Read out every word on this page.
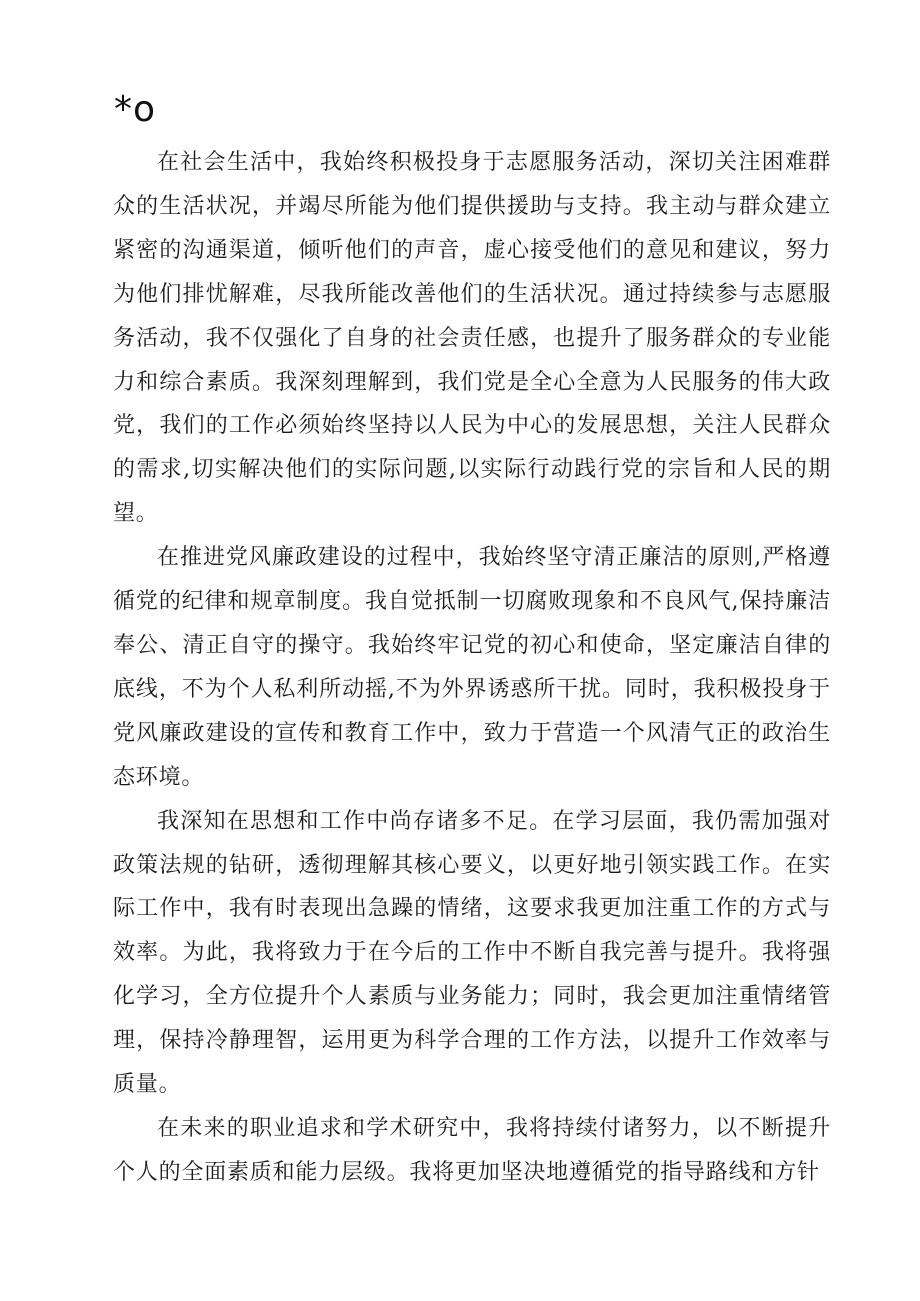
*o

在社会生活中，我始终积极投身于志愿服务活动，深切关注困难群众的生活状况，并竭尽所能为他们提供援助与支持。我主动与群众建立紧密的沟通渠道，倾听他们的声音，虚心接受他们的意见和建议，努力为他们排忧解难，尽我所能改善他们的生活状况。通过持续参与志愿服务活动，我不仅强化了自身的社会责任感，也提升了服务群众的专业能力和综合素质。我深刻理解到，我们党是全心全意为人民服务的伟大政党，我们的工作必须始终坚持以人民为中心的发展思想，关注人民群众的需求,切实解决他们的实际问题,以实际行动践行党的宗旨和人民的期望。

在推进党风廉政建设的过程中，我始终坚守清正廉洁的原则,严格遵循党的纪律和规章制度。我自觉抵制一切腐败现象和不良风气,保持廉洁奉公、清正自守的操守。我始终牢记党的初心和使命，坚定廉洁自律的底线，不为个人私利所动摇,不为外界诱惑所干扰。同时，我积极投身于党风廉政建设的宣传和教育工作中，致力于营造一个风清气正的政治生态环境。

我深知在思想和工作中尚存诸多不足。在学习层面，我仍需加强对政策法规的钻研，透彻理解其核心要义，以更好地引领实践工作。在实际工作中，我有时表现出急躁的情绪，这要求我更加注重工作的方式与效率。为此，我将致力于在今后的工作中不断自我完善与提升。我将强化学习，全方位提升个人素质与业务能力；同时，我会更加注重情绪管理，保持冷静理智，运用更为科学合理的工作方法，以提升工作效率与质量。

在未来的职业追求和学术研究中，我将持续付诸努力，以不断提升个人的全面素质和能力层级。我将更加坚决地遵循党的指导路线和方针
